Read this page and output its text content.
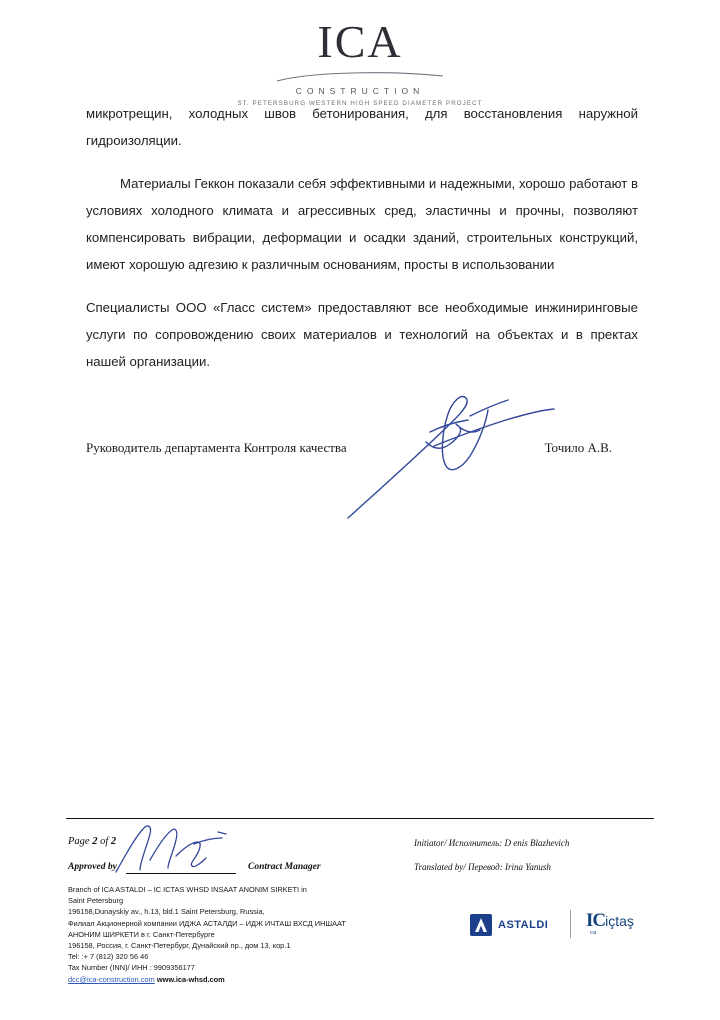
ICA
CONSTRUCTION
ST. PETERSBURG WESTERN HIGH SPEED DIAMETER PROJECT

микротрещин, холодных швов бетонирования, для восстановления наружной гидроизоляции.

Материалы Геккон показали себя эффективными и надежными, хорошо работают в условиях холодного климата и агрессивных сред, эластичны и прочны, позволяют компенсировать вибрации, деформации и осадки зданий, строительных конструкций, имеют хорошую адгезию к различным основаниям, просты в использовании

Специалисты ООО «Гласс систем» предоставляют все необходимые инжиниринговые услуги по сопровождению своих материалов и технологий на объектах и в пректах нашей организации.

Руководитель департамента Контроля качества	Точило А.В.
Page 2 of 2
Approved by	Contract Manager
Initiator/ Исполнитель: D enis Blazhevich
Translated by/ Перевод: Irina Yanush
Branch of ICA ASTALDI – IC ICTAS WHSD INSAAT ANONIM SIRKETI in
Saint Petersburg
196158,Dunayskiy av., h.13, bld.1 Saint Petersburg, Russia,
Филиал Акционерной компании ИДЖА АСТАЛДИ – ИДЖ ИЧТАШ ВХСД ИНШААТ
АНОНИМ ШИРКЕТИ в г. Санкт-Петербурге
196158, Россия, г. Санкт-Петербург, Дунайский пр., дом 13, кор.1
Tel: :+ 7 (812) 320 56 46
Tax Number (INN)/ ИНН : 9909356177
dcc@ica-construction.com www.ica-whsd.com
ASTALDI IC içtaş
ca
